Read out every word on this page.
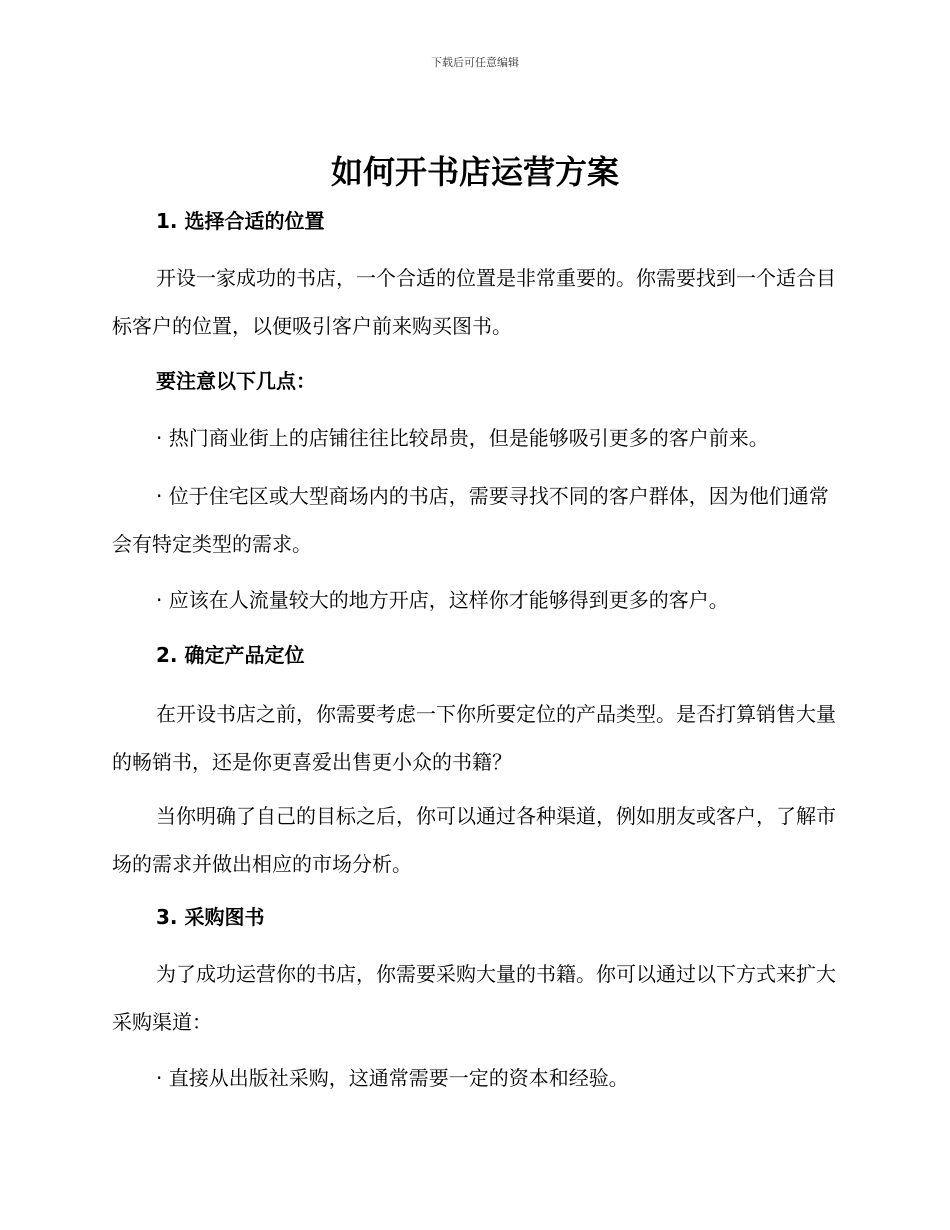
下载后可任意编辑
如何开书店运营方案

1. 选择合适的位置

开设一家成功的书店，一个合适的位置是非常重要的。你需要找到一个适合目标客户的位置，以便吸引客户前来购买图书。

要注意以下几点：

· 热门商业街上的店铺往往比较昂贵，但是能够吸引更多的客户前来。

· 位于住宅区或大型商场内的书店，需要寻找不同的客户群体，因为他们通常会有特定类型的需求。

· 应该在人流量较大的地方开店，这样你才能够得到更多的客户。

2. 确定产品定位

在开设书店之前，你需要考虑一下你所要定位的产品类型。是否打算销售大量的畅销书，还是你更喜爱出售更小众的书籍？

当你明确了自己的目标之后，你可以通过各种渠道，例如朋友或客户，了解市场的需求并做出相应的市场分析。

3. 采购图书

为了成功运营你的书店，你需要采购大量的书籍。你可以通过以下方式来扩大采购渠道：

· 直接从出版社采购，这通常需要一定的资本和经验。
